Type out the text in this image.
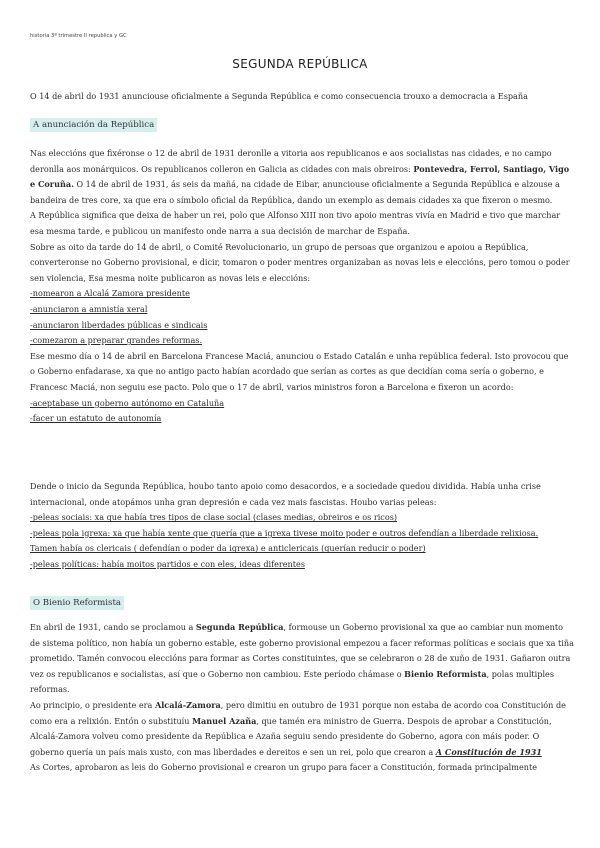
historia 3º trimestre II republica y GC
SEGUNDA REPÚBLICA

O 14 de abril do 1931 anunciouse oficialmente a Segunda República e como consecuencia trouxo a democracia a España

A anunciación da República

Nas eleccións que fixéronse o 12 de abril de 1931 deronlle a vitoria aos republicanos e aos socialistas nas cidades, e no campo deronlla aos monárquicos. Os republicanos colleron en Galicia as cidades con mais obreiros: Pontevedra, Ferrol, Santiago, Vigo e Coruña. O 14 de abril de 1931, ás seis da mañá, na cidade de Eibar, anunciouse oficialmente a Segunda República e alzouse a bandeira de tres core, xa que era o símbolo oficial da República, dando un exemplo as demais cidades xa que fixeron o mesmo.

A República significa que deixa de haber un rei, polo que Alfonso XIII non tivo apoio mentras vivía en Madrid e tivo que marchar esa mesma tarde, e publicou un manifesto onde narra a sua decisión de marchar de España.

Sobre as oito da tarde do 14 de abril, o Comité Revolucionario, un grupo de persoas que organizou e apoiou a República, converteronse no Goberno provisional, e dicir, tomaron o poder mentres organizaban as novas leis e eleccións, pero tomou o poder sen violencia, Esa mesma noite publicaron as novas leis e eleccións:

-nomearon a Alcalá Zamora presidente

-anunciaron a amnistía xeral

-anunciaron liberdades públicas e sindicais

-comezaron a preparar grandes reformas.

Ese mesmo día o 14 de abril en Barcelona Francese Maciá, anunciou o Estado Catalán e unha república federal. Isto provocou que o Goberno enfadarase, xa que no antigo pacto habían acordado que serían as cortes as que decidían coma sería o goberno, e Francesc Maciá, non seguiu ese pacto. Polo que o 17 de abril, varios ministros foron a Barcelona e fixeron un acordo:

-aceptabase un goberno autónomo en Cataluña

-facer un estatuto de autonomía

Dende o inicio da Segunda República, houbo tanto apoio como desacordos, e a sociedade quedou dividida. Había unha crise internacional, onde atopámos unha gran depresión e cada vez mais fascistas. Houbo varias peleas:

-peleas sociais: xa que había tres tipos de clase social (clases medias, obreiros e os ricos)

-peleas pola igrexa: xa que había xente que quería que a igrexa tivese moito poder e outros defendían a liberdade relixiosa.

Tamen había os clericais ( defendían o poder da igrexa) e anticlericais (querían reducir o poder)

-peleas políticas: había moitos partidos e con eles, ideas diferentes

O Bienio Reformista

En abril de 1931, cando se proclamou a Segunda República, formouse un Goberno provisional xa que ao cambiar nun momento de sistema político, non había un goberno estable, este goberno provisional empezou a facer reformas políticas e sociais que xa tiña prometido. Tamén convocou eleccións para formar as Cortes constituintes, que se celebraron o 28 de xuño de 1931. Gañaron outra vez os republicanos e socialistas, así que o Goberno non cambiou. Este período chámase o Bienio Reformista, polas multiples reformas.

Ao principio, o presidente era Alcalá-Zamora, pero dimitiu en outubro de 1931 porque non estaba de acordo coa Constitución de como era a relixión. Entón o substituíu Manuel Azaña, que tamén era ministro de Guerra. Despois de aprobar a Constitución, Alcalá-Zamora volveu como presidente da República e Azaña seguiu sendo presidente do Goberno, agora con máis poder. O goberno quería un país mais xusto, con mas liberdades e dereitos e sen un rei, polo que crearon a A Constitución de 1931

As Cortes, aprobaron as leis do Goberno provisional e crearon un grupo para facer a Constitución, formada principalmente
